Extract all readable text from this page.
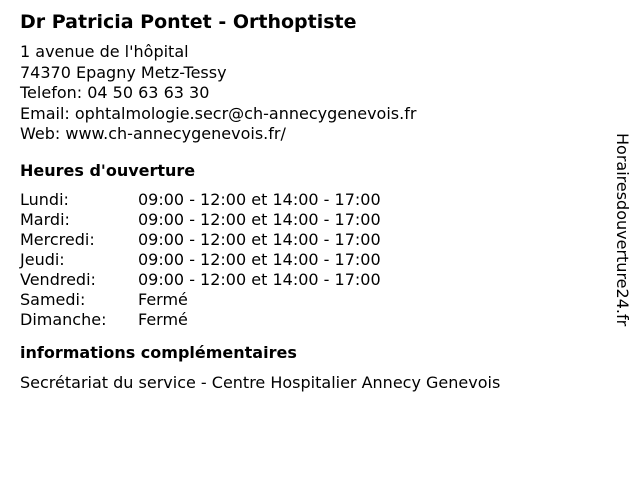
Dr Patricia Pontet - Orthoptiste
1 avenue de l'hôpital
74370 Epagny Metz-Tessy
Telefon: 04 50 63 63 30
Email: ophtalmologie.secr@ch-annecygenevois.fr
Web: www.ch-annecygenevois.fr/
Heures d'ouverture
Lundi:	09:00 - 12:00 et 14:00 - 17:00
Mardi:	09:00 - 12:00 et 14:00 - 17:00
Mercredi:	09:00 - 12:00 et 14:00 - 17:00
Jeudi:	09:00 - 12:00 et 14:00 - 17:00
Vendredi:	09:00 - 12:00 et 14:00 - 17:00
Samedi:	Fermé
Dimanche:	Fermé
informations complémentaires
Secrétariat du service - Centre Hospitalier Annecy Genevois
Horairesdouverture24.fr
